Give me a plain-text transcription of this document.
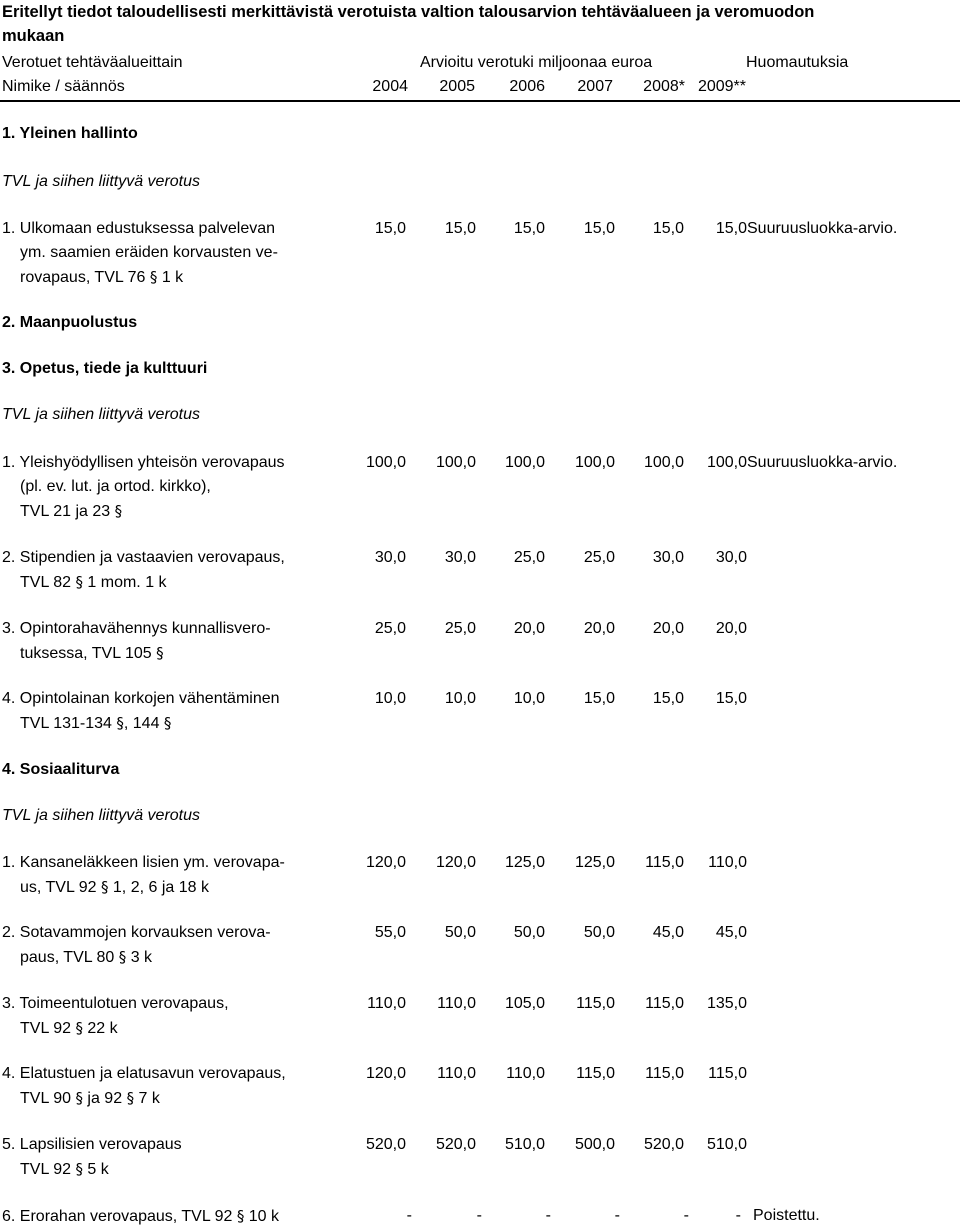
Eritellyt tiedot taloudellisesti merkittävistä verotuista valtion talousarvion tehtäväalueen ja veromuodon
mukaan
Verotuet tehtäväalueittain	Arvioitu verotuki miljoonaa euroa	Huomautuksia
Nimike / säännös	2004	2005	2006	2007	2008* 2009**
1. Yleinen hallinto
TVL ja siihen liittyvä verotus
1. Ulkomaan edustuksessa palvelevan
ym. saamien eräiden korvausten ve-
rovapaus, TVL 76 § 1 k
15,0	15,0	15,0	15,0	15,0	15,0 Suuruusluokka-arvio.
2. Maanpuolustus
3. Opetus, tiede ja kulttuuri
TVL ja siihen liittyvä verotus
1. Yleishyödyllisen yhteisön verovapaus
(pl. ev. lut. ja ortod. kirkko),
TVL 21 ja 23 §
100,0	100,0	100,0	100,0	100,0	100,0 Suuruusluokka-arvio.
2. Stipendien ja vastaavien verovapaus,
TVL 82 § 1 mom. 1 k
30,0	30,0	25,0	25,0	30,0	30,0
3. Opintorahavähennys kunnallisvero-
tuksessa, TVL 105 §
25,0	25,0	20,0	20,0	20,0	20,0
4. Opintolainan korkojen vähentäminen
TVL 131-134 §, 144 §
10,0	10,0	10,0	15,0	15,0	15,0
4. Sosiaaliturva
TVL ja siihen liittyvä verotus
1. Kansaneläkkeen lisien ym. verovapa-
us, TVL 92 § 1, 2, 6 ja 18 k
120,0	120,0	125,0	125,0	115,0	110,0
2. Sotavammojen korvauksen verova-
paus, TVL 80 § 3 k
55,0	50,0	50,0	50,0	45,0	45,0
3. Toimeentulotuen verovapaus,
TVL 92 § 22 k
110,0	110,0	105,0	115,0	115,0	135,0
4. Elatustuen ja elatusavun verovapaus,
TVL 90 § ja 92 § 7 k
120,0	110,0	110,0	115,0	115,0	115,0
5. Lapsilisien verovapaus
TVL 92 § 5 k
520,0	520,0	510,0	500,0	520,0	510,0
6. Erorahan verovapaus, TVL 92 § 10 k	-	-	-	-	-	- Poistettu.
